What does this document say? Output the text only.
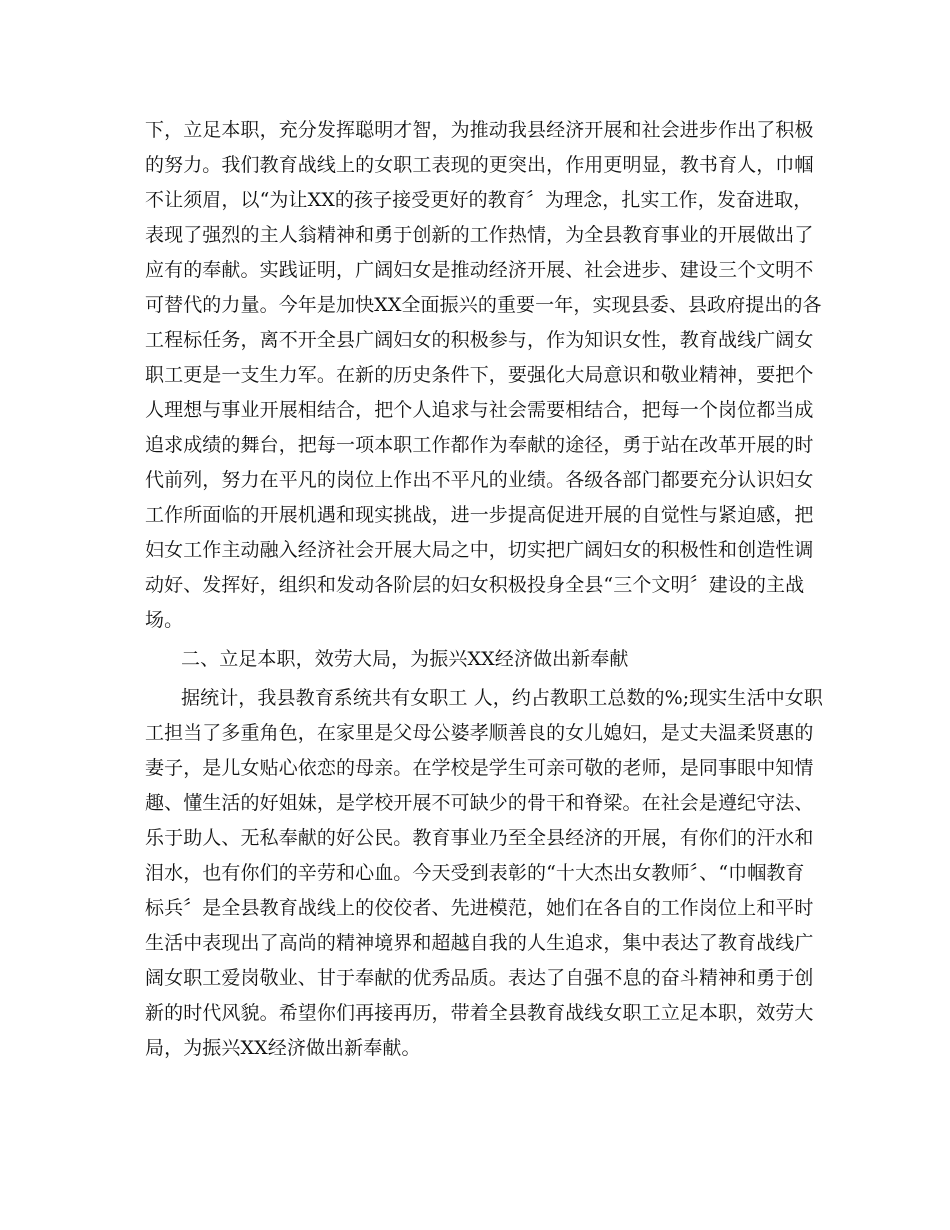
下，立足本职，充分发挥聪明才智，为推动我县经济开展和社会进步作出了积极
的努力。我们教育战线上的女职工表现的更突出，作用更明显，教书育人，巾帼
不让须眉，以“为让XX的孩子接受更好的教育〞为理念，扎实工作，发奋进取，
表现了强烈的主人翁精神和勇于创新的工作热情，为全县教育事业的开展做出了
应有的奉献。实践证明，广阔妇女是推动经济开展、社会进步、建设三个文明不
可替代的力量。今年是加快XX全面振兴的重要一年，实现县委、县政府提出的各
工程标任务，离不开全县广阔妇女的积极参与，作为知识女性，教育战线广阔女
职工更是一支生力军。在新的历史条件下，要强化大局意识和敬业精神，要把个
人理想与事业开展相结合，把个人追求与社会需要相结合，把每一个岗位都当成
追求成绩的舞台，把每一项本职工作都作为奉献的途径，勇于站在改革开展的时
代前列，努力在平凡的岗位上作出不平凡的业绩。各级各部门都要充分认识妇女
工作所面临的开展机遇和现实挑战，进一步提高促进开展的自觉性与紧迫感，把
妇女工作主动融入经济社会开展大局之中，切实把广阔妇女的积极性和创造性调
动好、发挥好，组织和发动各阶层的妇女积极投身全县“三个文明〞建设的主战
场。
二、立足本职，效劳大局，为振兴XX经济做出新奉献
据统计，我县教育系统共有女职工 人，约占教职工总数的%;现实生活中女职
工担当了多重角色，在家里是父母公婆孝顺善良的女儿媳妇，是丈夫温柔贤惠的
妻子，是儿女贴心依恋的母亲。在学校是学生可亲可敬的老师，是同事眼中知情
趣、懂生活的好姐妹，是学校开展不可缺少的骨干和脊梁。在社会是遵纪守法、
乐于助人、无私奉献的好公民。教育事业乃至全县经济的开展，有你们的汗水和
泪水，也有你们的辛劳和心血。今天受到表彰的“十大杰出女教师〞、“巾帼教育
标兵〞是全县教育战线上的佼佼者、先进模范，她们在各自的工作岗位上和平时
生活中表现出了高尚的精神境界和超越自我的人生追求，集中表达了教育战线广
阔女职工爱岗敬业、甘于奉献的优秀品质。表达了自强不息的奋斗精神和勇于创
新的时代风貌。希望你们再接再历，带着全县教育战线女职工立足本职，效劳大
局，为振兴XX经济做出新奉献。
